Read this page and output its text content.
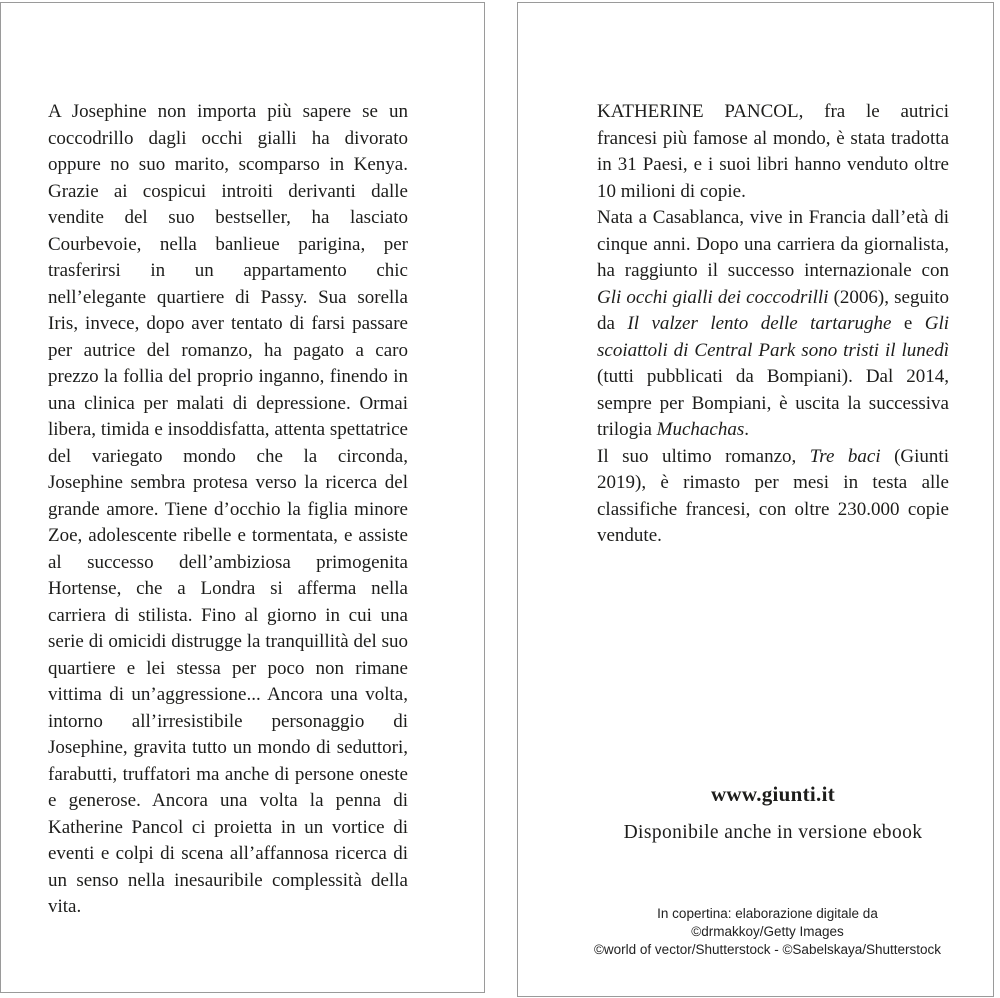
A Josephine non importa più sapere se un coccodrillo dagli occhi gialli ha divorato oppure no suo marito, scomparso in Kenya. Grazie ai cospicui introiti derivanti dalle vendite del suo bestseller, ha lasciato Courbevoie, nella banlieue parigina, per trasferirsi in un appartamento chic nell’elegante quartiere di Passy. Sua sorella Iris, invece, dopo aver tentato di farsi passare per autrice del romanzo, ha pagato a caro prezzo la follia del proprio inganno, finendo in una clinica per malati di depressione. Ormai libera, timida e insoddisfatta, attenta spettatrice del variegato mondo che la circonda, Josephine sembra protesa verso la ricerca del grande amore. Tiene d’occhio la figlia minore Zoe, adolescente ribelle e tormentata, e assiste al successo dell’ambiziosa primogenita Hortense, che a Londra si afferma nella carriera di stilista. Fino al giorno in cui una serie di omicidi distrugge la tranquillità del suo quartiere e lei stessa per poco non rimane vittima di un’aggressione... Ancora una volta, intorno all’irresistibile personaggio di Josephine, gravita tutto un mondo di seduttori, farabutti, truffatori ma anche di persone oneste e generose. Ancora una volta la penna di Katherine Pancol ci proietta in un vortice di eventi e colpi di scena all’affannosa ricerca di un senso nella inesauribile complessità della vita.

KATHERINE PANCOL, fra le autrici francesi più famose al mondo, è stata tradotta in 31 Paesi, e i suoi libri hanno venduto oltre 10 milioni di copie.

Nata a Casablanca, vive in Francia dall’età di cinque anni. Dopo una carriera da giornalista, ha raggiunto il successo internazionale con Gli occhi gialli dei coccodrilli (2006), seguito da Il valzer lento delle tartarughe e Gli scoiattoli di Central Park sono tristi il lunedì (tutti pubblicati da Bompiani). Dal 2014, sempre per Bompiani, è uscita la successiva trilogia Muchachas.

Il suo ultimo romanzo, Tre baci (Giunti 2019), è rimasto per mesi in testa alle classifiche francesi, con oltre 230.000 copie vendute.

www.giunti.it
Disponibile anche in versione ebook
In copertina: elaborazione digitale da
©drmakkoy/Getty Images
©world of vector/Shutterstock - ©Sabelskaya/Shutterstock
